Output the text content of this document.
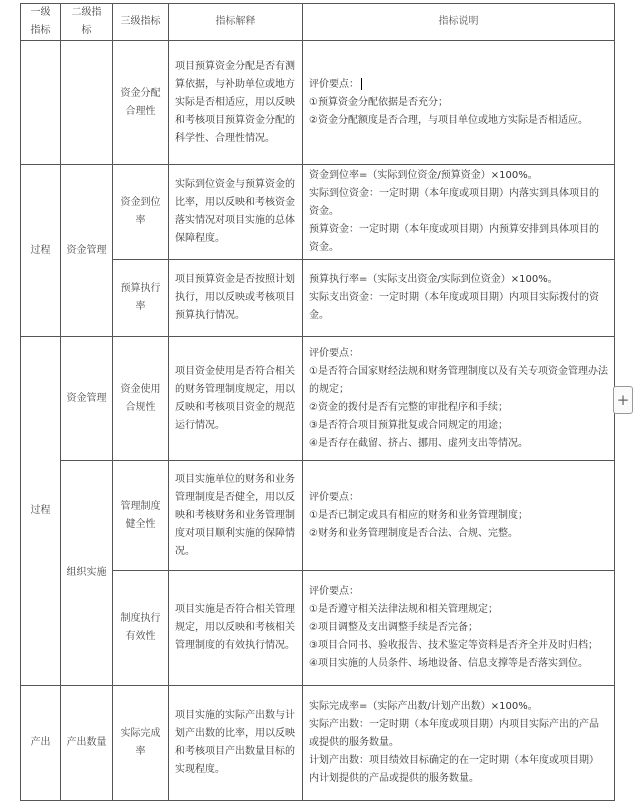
一级指标	二级指标	三级指标	指标解释	指标说明
		资金分配合理性	项目预算资金分配是否有测算依据，与补助单位或地方实际是否相适应，用以反映和考核项目预算资金分配的科学性、合理性情况。	评价要点：
①预算资金分配依据是否充分；
②资金分配额度是否合理，与项目单位或地方实际是否相适应。

过程	资金管理	资金到位率	实际到位资金与预算资金的比率，用以反映和考核资金落实情况对项目实施的总体保障程度。	资金到位率=（实际到位资金/预算资金）×100%。
实际到位资金：一定时期（本年度或项目期）内落实到具体项目的资金。
预算资金：一定时期（本年度或项目期）内预算安排到具体项目的资金。

		预算执行率	项目预算资金是否按照计划执行，用以反映或考核项目预算执行情况。	预算执行率=（实际支出资金/实际到位资金）×100%。
实际支出资金：一定时期（本年度或项目期）内项目实际拨付的资金。

过程	资金管理	资金使用合规性	项目资金使用是否符合相关的财务管理制度规定，用以反映和考核项目资金的规范运行情况。	评价要点：
①是否符合国家财经法规和财务管理制度以及有关专项资金管理办法的规定；
②资金的拨付是否有完整的审批程序和手续；
③是否符合项目预算批复或合同规定的用途；
④是否存在截留、挤占、挪用、虚列支出等情况。

	组织实施	管理制度健全性	项目实施单位的财务和业务管理制度是否健全，用以反映和考核财务和业务管理制度对项目顺利实施的保障情况。	评价要点：
①是否已制定或具有相应的财务和业务管理制度；
②财务和业务管理制度是否合法、合规、完整。

		制度执行有效性	项目实施是否符合相关管理规定，用以反映和考核相关管理制度的有效执行情况。	评价要点：
①是否遵守相关法律法规和相关管理规定；
②项目调整及支出调整手续是否完备；
③项目合同书、验收报告、技术鉴定等资料是否齐全并及时归档；
④项目实施的人员条件、场地设备、信息支撑等是否落实到位。

产出	产出数量	实际完成率	项目实施的实际产出数与计划产出数的比率，用以反映和考核项目产出数量目标的实现程度。	实际完成率=（实际产出数/计划产出数）×100%。
实际产出数：一定时期（本年度或项目期）内项目实际产出的产品或提供的服务数量。
计划产出数：项目绩效目标确定的在一定时期（本年度或项目期）内计划提供的产品或提供的服务数量。
+
